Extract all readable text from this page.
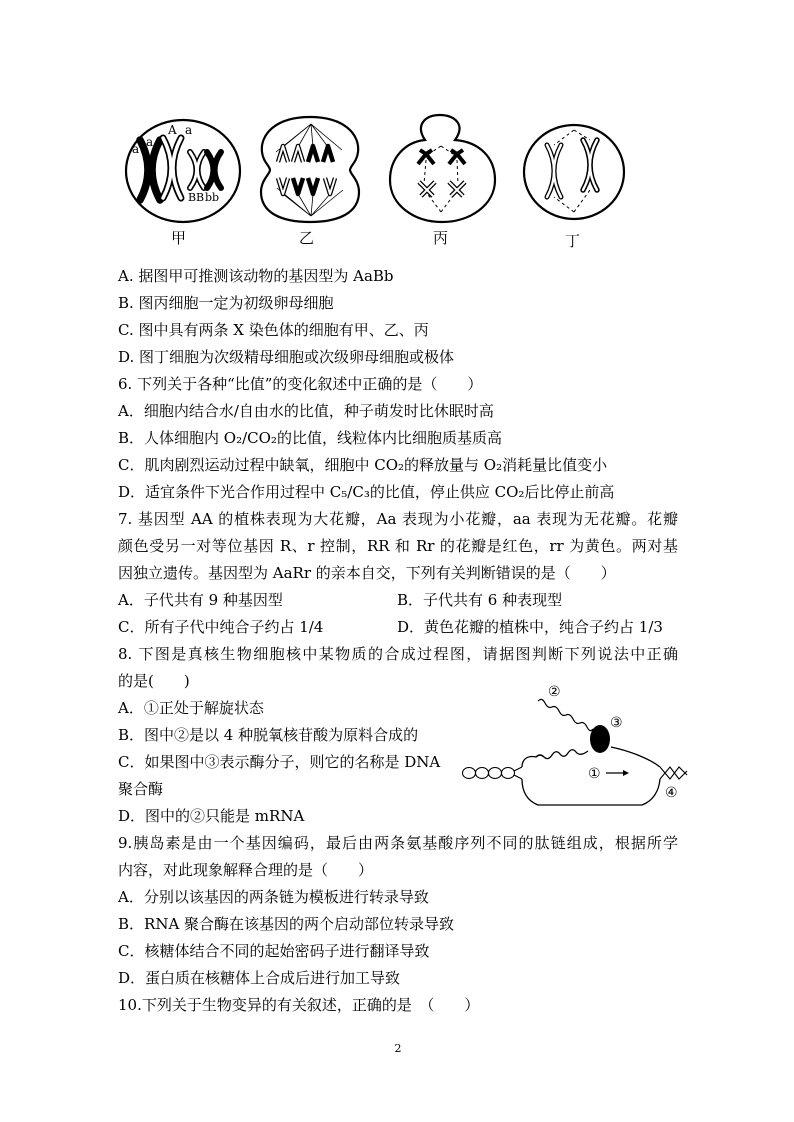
a a
A a
B B b b
甲	乙	丙	丁
①
②
③
④
A. 据图甲可推测该动物的基因型为 AaBb
B. 图丙细胞一定为初级卵母细胞
C. 图中具有两条 X 染色体的细胞有甲、乙、丙
D. 图丁细胞为次级精母细胞或次级卵母细胞或极体
6. 下列关于各种“比值”的变化叙述中正确的是（　　）
A．细胞内结合水/自由水的比值，种子萌发时比休眠时高
B．人体细胞内 O₂/CO₂的比值，线粒体内比细胞质基质高
C．肌肉剧烈运动过程中缺氧，细胞中 CO₂的释放量与 O₂消耗量比值变小
D．适宜条件下光合作用过程中 C₅/C₃的比值，停止供应 CO₂后比停止前高
7. 基因型 AA 的植株表现为大花瓣，Aa 表现为小花瓣，aa 表现为无花瓣。花瓣
颜色受另一对等位基因 R、r 控制，RR 和 Rr 的花瓣是红色，rr 为黄色。两对基
因独立遗传。基因型为 AaRr 的亲本自交，下列有关判断错误的是（　　）
A．子代共有 9 种基因型	B．子代共有 6 种表现型
C．所有子代中纯合子约占 1/4	D．黄色花瓣的植株中，纯合子约占 1/3
8. 下图是真核生物细胞核中某物质的合成过程图，请据图判断下列说法中正确
的是(　　)
A．①正处于解旋状态
B．图中②是以 4 种脱氧核苷酸为原料合成的
C．如果图中③表示酶分子，则它的名称是 DNA
聚合酶
D．图中的②只能是 mRNA
9.胰岛素是由一个基因编码，最后由两条氨基酸序列不同的肽链组成，根据所学
内容，对此现象解释合理的是（　　）
A．分别以该基因的两条链为模板进行转录导致
B．RNA 聚合酶在该基因的两个启动部位转录导致
C．核糖体结合不同的起始密码子进行翻译导致
D．蛋白质在核糖体上合成后进行加工导致
10.下列关于生物变异的有关叙述，正确的是　（　　）
2
